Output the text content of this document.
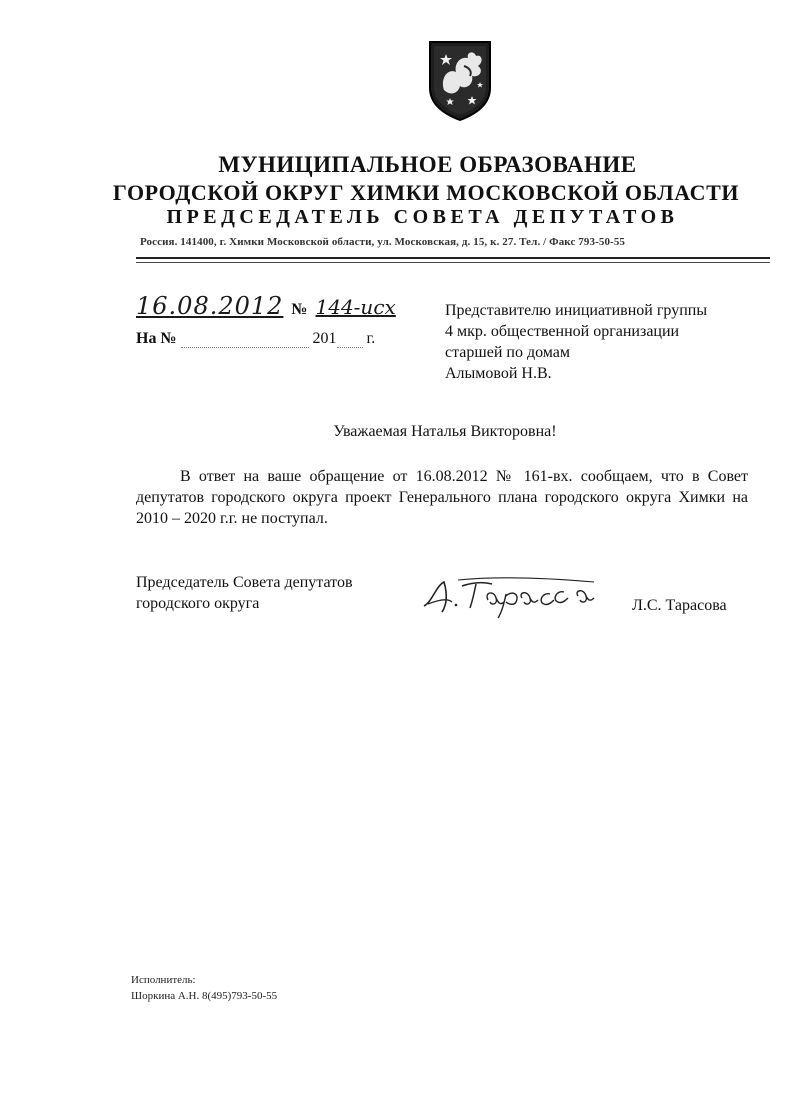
МУНИЦИПАЛЬНОЕ ОБРАЗОВАНИЕ
ГОРОДСКОЙ ОКРУГ ХИМКИ МОСКОВСКОЙ ОБЛАСТИ
ПРЕДСЕДАТЕЛЬ СОВЕТА ДЕПУТАТОВ
Россия. 141400, г. Химки Московской области, ул. Московская, д. 15, к. 27. Тел. / Факс 793-50-55
16.08.2012 № 144-исх
На №	201 г.
Представителю инициативной группы
4 мкр. общественной организации
старшей по домам
Алымовой Н.В.
Уважаемая Наталья Викторовна!
В ответ на ваше обращение от 16.08.2012 № 161-вх. сообщаем, что в Совет депутатов городского округа проект Генерального плана городского округа Химки на 2010 – 2020 г.г. не поступал.
Председатель Совета депутатов
городского округа	Л.С. Тарасова
Исполнитель:
Шоркина А.Н. 8(495)793-50-55
